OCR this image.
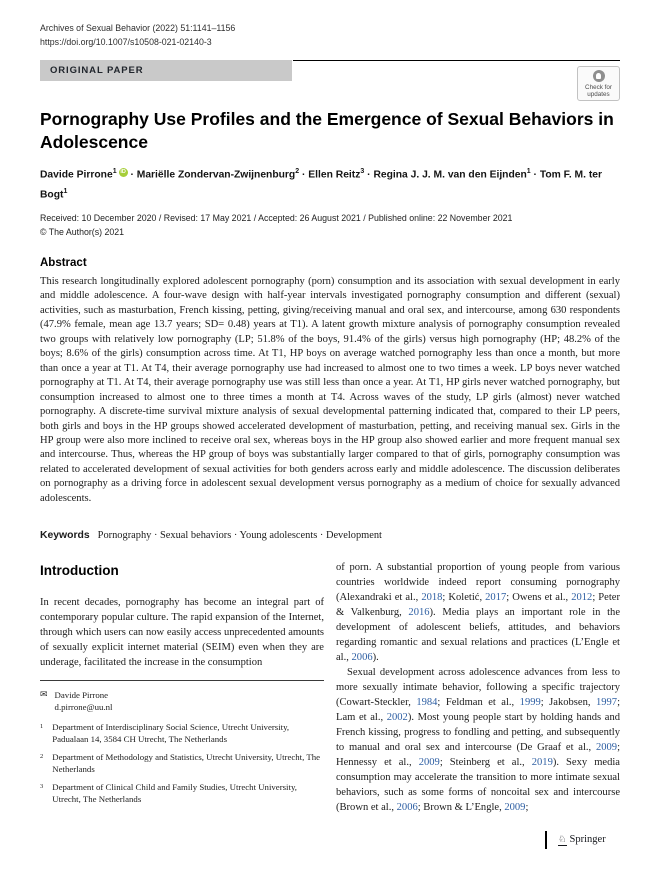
Archives of Sexual Behavior (2022) 51:1141–1156
https://doi.org/10.1007/s10508-021-02140-3
ORIGINAL PAPER
Check for
updates
Pornography Use Profiles and the Emergence of Sexual Behaviors in Adolescence
Davide Pirrone$^1$ iD · Mariëlle Zondervan-Zwijnenburg$^2$ · Ellen Reitz$^3$ · Regina J. J. M. van den Eijnden$^1$ · Tom F. M. ter Bogt$^1$
Received: 10 December 2020 / Revised: 17 May 2021 / Accepted: 26 August 2021 / Published online: 22 November 2021
© The Author(s) 2021
Abstract
This research longitudinally explored adolescent pornography (porn) consumption and its association with sexual development in early and middle adolescence. A four-wave design with half-year intervals investigated pornography consumption and different (sexual) activities, such as masturbation, French kissing, petting, giving/receiving manual and oral sex, and intercourse, among 630 respondents (47.9% female, mean age 13.7 years; SD= 0.48) years at T1). A latent growth mixture analysis of pornography consumption revealed two groups with relatively low pornography (LP; 51.8% of the boys, 91.4% of the girls) versus high pornography (HP; 48.2% of the boys; 8.6% of the girls) consumption across time. At T1, HP boys on average watched pornography less than once a month, but more than once a year at T1. At T4, their average pornography use had increased to almost one to two times a week. LP boys never watched pornography at T1. At T4, their average pornography use was still less than once a year. At T1, HP girls never watched pornography, but consumption increased to almost one to three times a month at T4. Across waves of the study, LP girls (almost) never watched pornography. A discrete-time survival mixture analysis of sexual developmental patterning indicated that, compared to their LP peers, both girls and boys in the HP groups showed accelerated development of masturbation, petting, and receiving manual sex. Girls in the HP group were also more inclined to receive oral sex, whereas boys in the HP group also showed earlier and more frequent manual sex and intercourse. Thus, whereas the HP group of boys was substantially larger compared to that of girls, pornography consumption was related to accelerated development of sexual activities for both genders across early and middle adolescence. The discussion deliberates on pornography as a driving force in adolescent sexual development versus pornography as a medium of choice for sexually advanced adolescents.
Keywords Pornography · Sexual behaviors · Young adolescents · Development
Introduction

In recent decades, pornography has become an integral part of contemporary popular culture. The rapid expansion of the Internet, through which users can now easily access unprecedented amounts of sexually explicit internet material (SEIM) even when they are underage, facilitated the increase in the consumption

✉ Davide Pirrone
d.pirrone@uu.nl
1 Department of Interdisciplinary Social Science, Utrecht University, Padualaan 14, 3584 CH Utrecht, The Netherlands
2 Department of Methodology and Statistics, Utrecht University, Utrecht, The Netherlands
3 Department of Clinical Child and Family Studies, Utrecht University, Utrecht, The Netherlands

of porn. A substantial proportion of young people from various countries worldwide indeed report consuming pornography (Alexandraki et al., 2018; Koletić, 2017; Owens et al., 2012; Peter & Valkenburg, 2016). Media plays an important role in the development of adolescent beliefs, attitudes, and behaviors regarding romantic and sexual relations and practices (L’Engle et al., 2006).

Sexual development across adolescence advances from less to more sexually intimate behavior, following a specific trajectory (Cowart-Steckler, 1984; Feldman et al., 1999; Jakobsen, 1997; Lam et al., 2002). Most young people start by holding hands and French kissing, progress to fondling and petting, and subsequently to manual and oral sex and intercourse (De Graaf et al., 2009; Hennessy et al., 2009; Steinberg et al., 2019). Sexy media consumption may accelerate the transition to more intimate sexual behaviors, such as some forms of noncoital sex and intercourse (Brown et al., 2006; Brown & L’Engle, 2009;

♘ Springer
